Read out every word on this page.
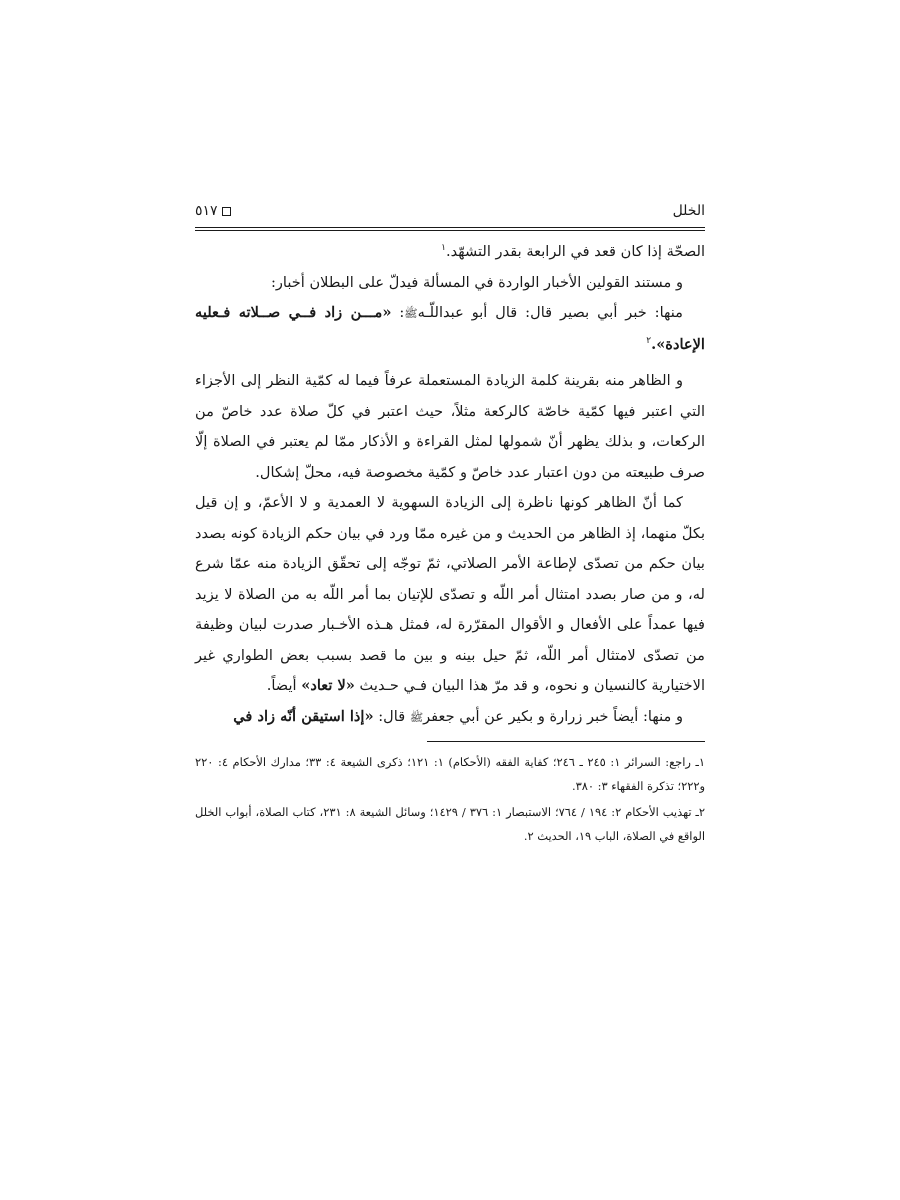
الخلل
٥١٧

الصحّة إذا كان قعد في الرابعة بقدر التشهّد.$^١$

و مستند القولين الأخبار الواردة في المسألة فيدلّ على البطلان أخبار:

منها: خبر أبي بصير قال: قال أبو عبداللّـهﷺ: «مـــن زاد فــي صــلاته فـعليه الإعادة».$^٢$

و الظاهر منه بقرينة كلمة الزيادة المستعملة عرفاً فيما له كمّية النظر إلى الأجزاء التي اعتبر فيها كمّية خاصّة كالركعة مثلاً، حيث اعتبر في كلّ صلاة عدد خاصّ من الركعات، و بذلك يظهر أنّ شمولها لمثل القراءة و الأذكار ممّا لم يعتبر في الصلاة إلّا صرف طبيعته من دون اعتبار عدد خاصّ و كمّية مخصوصة فيه، محلّ إشكال.

كما أنّ الظاهر كونها ناظرة إلى الزيادة السهوية لا العمدية و لا الأعمّ، و إن قيل بكلّ منهما، إذ الظاهر من الحديث و من غيره ممّا ورد في بيان حكم الزيادة كونه بصدد بيان حكم من تصدّى لإطاعة الأمر الصلاتي، ثمّ توجّه إلى تحقّق الزيادة منه عمّا شرع له، و من صار بصدد امتثال أمر اللّه و تصدّى للإتيان بما أمر اللّه به من الصلاة لا يزيد فيها عمداً على الأفعال و الأقوال المقرّرة له، فمثل هـذه الأخـبار صدرت لبيان وظيفة من تصدّى لامتثال أمر اللّه، ثمّ حيل بينه و بين ما قصد بسبب بعض الطواري غير الاختيارية كالنسيان و نحوه، و قد مرّ هذا البيان فـي حـديث «لا تعاد» أيضاً.

و منها: أيضاً خبر زرارة و بكير عن أبي جعفرﷺ قال: «إذا استيقن أنّه زاد في

١ـ راجع: السرائر ١: ٢٤٥ ـ ٢٤٦؛ كفاية الفقه (الأحكام) ١: ١٢١؛ ذكرى الشيعة ٤: ٣٣؛ مدارك الأحكام ٤: ٢٢٠ و٢٢٢؛ تذكرة الفقهاء ٣: ٣٨٠.

٢ـ تهذيب الأحكام ٢: ١٩٤ / ٧٦٤؛ الاستبصار ١: ٣٧٦ / ١٤٢٩؛ وسائل الشيعة ٨: ٢٣١، كتاب الصلاة، أبواب الخلل الواقع في الصلاة، الباب ١٩، الحديث ٢.
